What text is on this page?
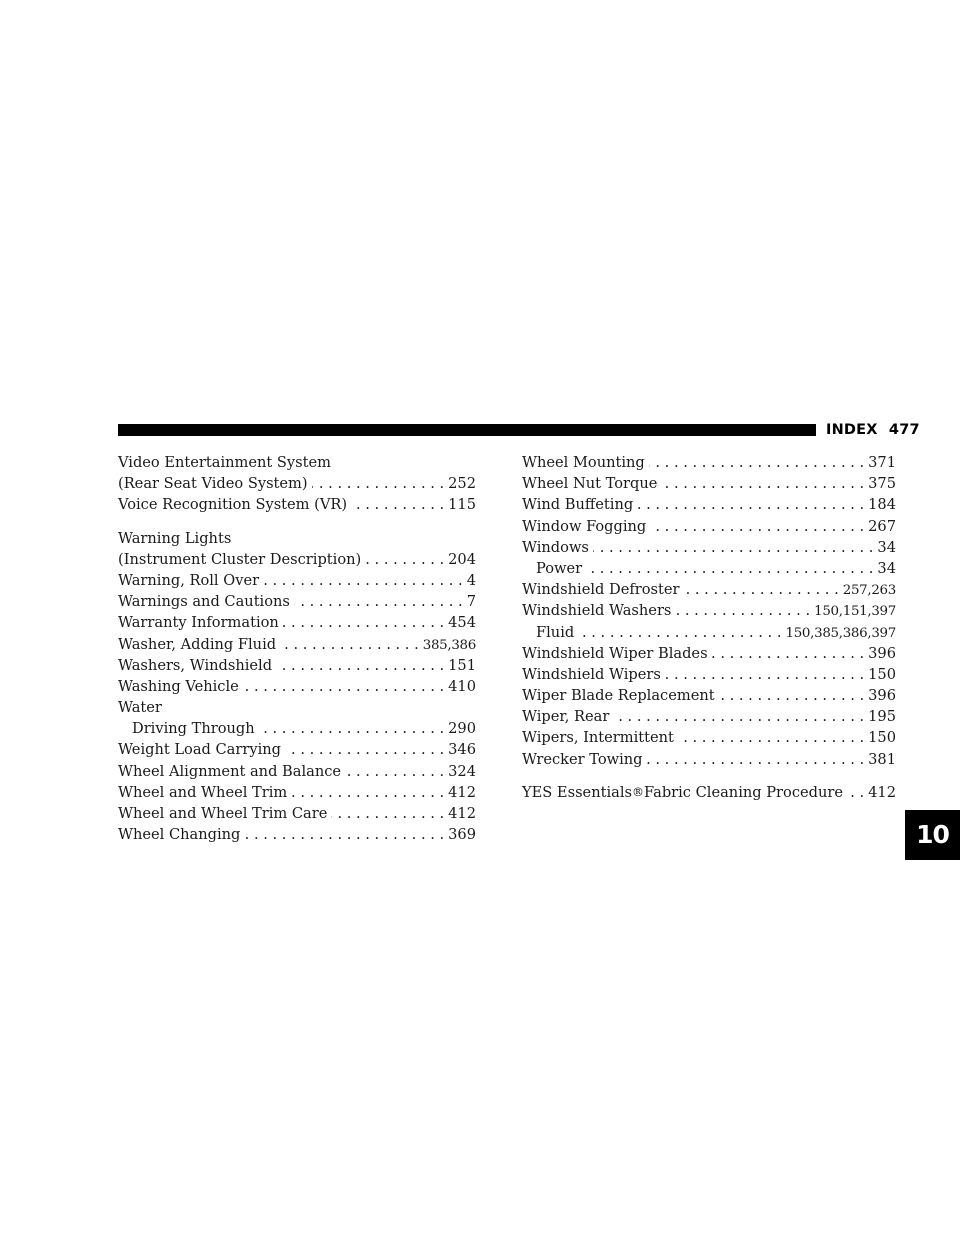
INDEX 477
Video Entertainment System
(Rear Seat Video System) . . .	252
Voice Recognition System (VR) . . .	115
Warning Lights
(Instrument Cluster Description) . . .	204
Warning, Roll Over . . .	4
Warnings and Cautions . . .	7
Warranty Information . . .	454
Washer, Adding Fluid . . .	385,386
Washers, Windshield . . .	151
Washing Vehicle . . .	410
Water
Driving Through . . .	290
Weight Load Carrying . . .	346
Wheel Alignment and Balance . . .	324
Wheel and Wheel Trim . . .	412
Wheel and Wheel Trim Care . . .	412
Wheel Changing . . .	369
Wheel Mounting . . .	371
Wheel Nut Torque . . .	375
Wind Buffeting . . .	184
Window Fogging . . .	267
Windows . . .	34
Power . . .	34
Windshield Defroster . . .	257,263
Windshield Washers . . .	150,151,397
Fluid . . .	150,385,386,397
Windshield Wiper Blades . . .	396
Windshield Wipers . . .	150
Wiper Blade Replacement . . .	396
Wiper, Rear . . .	195
Wipers, Intermittent . . .	150
Wrecker Towing . . .	381
YES Essentials®Fabric Cleaning Procedure . . . 412
10
